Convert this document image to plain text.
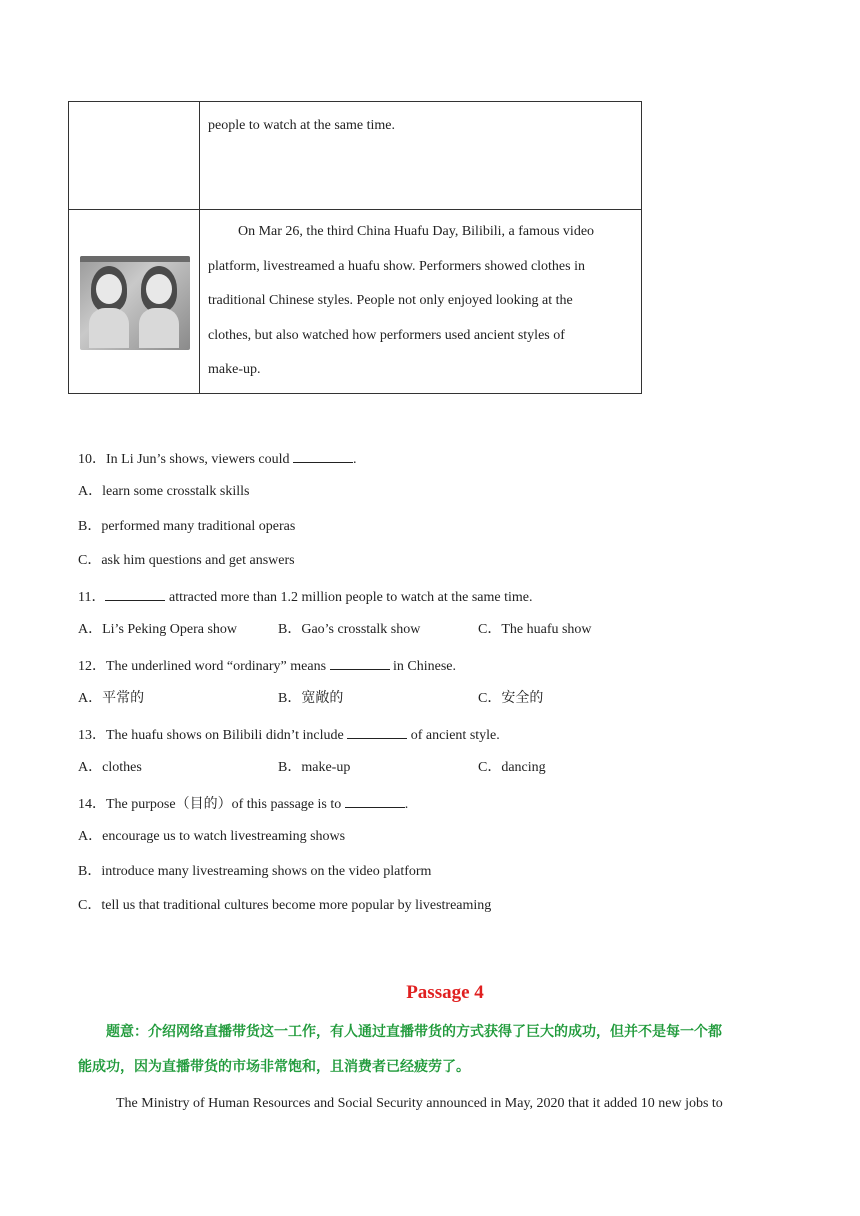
	people to watch at the same time.

	On Mar 26, the third China Huafu Day, Bilibili, a famous video
platform, livestreamed a huafu show. Performers showed clothes in
traditional Chinese styles. People not only enjoyed looking at the
clothes, but also watched how performers used ancient styles of
make-up.
10．In Li Jun’s shows, viewers could	.
A．learn some crosstalk skills
B．performed many traditional operas
C．ask him questions and get answers
11．	attracted more than 1.2 million people to watch at the same time.
A．Li’s Peking Opera show	B．Gao’s crosstalk show	C．The huafu show
12．The underlined word “ordinary” means	in Chinese.
A．平常的	B．宽敞的	C．安全的
13．The huafu shows on Bilibili didn’t include	of ancient style.
A．clothes	B．make-up	C．dancing
14．The purpose（目的）of this passage is to	.
A．encourage us to watch livestreaming shows
B．introduce many livestreaming shows on the video platform
C．tell us that traditional cultures become more popular by livestreaming
Passage 4
题意：介绍网络直播带货这一工作，有人通过直播带货的方式获得了巨大的成功，但并不是每一个都
能成功，因为直播带货的市场非常饱和，且消费者已经疲劳了。
The Ministry of Human Resources and Social Security announced in May, 2020 that it added 10 new jobs to
